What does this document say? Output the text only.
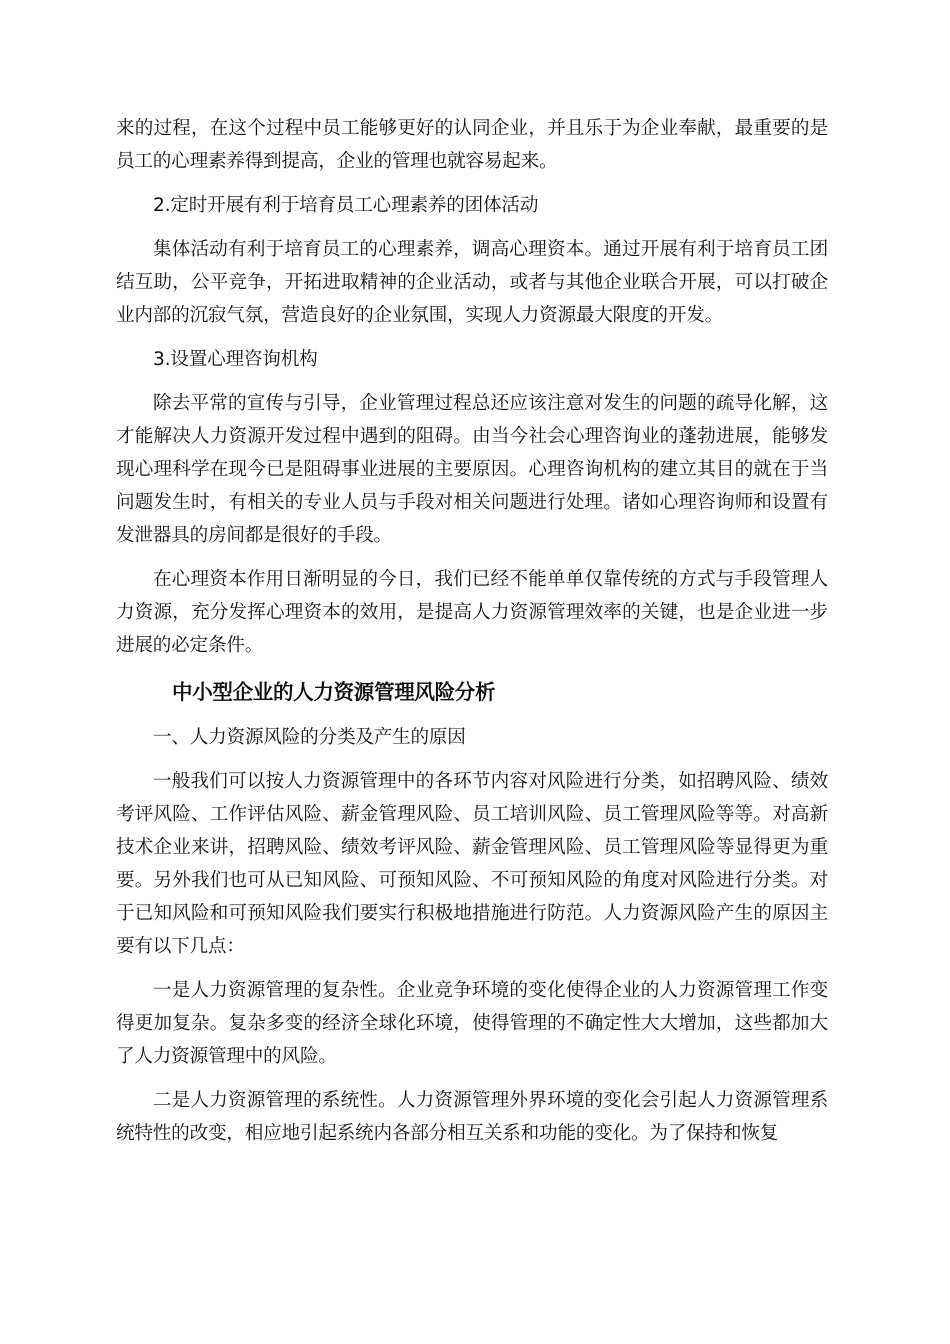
来的过程，在这个过程中员工能够更好的认同企业，并且乐于为企业奉献，最重要的是员工的心理素养得到提高，企业的管理也就容易起来。

2.定时开展有利于培育员工心理素养的团体活动

集体活动有利于培育员工的心理素养，调高心理资本。通过开展有利于培育员工团结互助，公平竞争，开拓进取精神的企业活动，或者与其他企业联合开展，可以打破企业内部的沉寂气氛，营造良好的企业氛围，实现人力资源最大限度的开发。

3.设置心理咨询机构

除去平常的宣传与引导，企业管理过程总还应该注意对发生的问题的疏导化解，这才能解决人力资源开发过程中遇到的阻碍。由当今社会心理咨询业的蓬勃进展，能够发现心理科学在现今已是阻碍事业进展的主要原因。心理咨询机构的建立其目的就在于当问题发生时，有相关的专业人员与手段对相关问题进行处理。诸如心理咨询师和设置有发泄器具的房间都是很好的手段。

在心理资本作用日渐明显的今日，我们已经不能单单仅靠传统的方式与手段管理人力资源，充分发挥心理资本的效用，是提高人力资源管理效率的关键，也是企业进一步进展的必定条件。

中小型企业的人力资源管理风险分析

一、人力资源风险的分类及产生的原因

一般我们可以按人力资源管理中的各环节内容对风险进行分类，如招聘风险、绩效考评风险、工作评估风险、薪金管理风险、员工培训风险、员工管理风险等等。对高新技术企业来讲，招聘风险、绩效考评风险、薪金管理风险、员工管理风险等显得更为重要。另外我们也可从已知风险、可预知风险、不可预知风险的角度对风险进行分类。对于已知风险和可预知风险我们要实行积极地措施进行防范。人力资源风险产生的原因主要有以下几点：

一是人力资源管理的复杂性。企业竞争环境的变化使得企业的人力资源管理工作变得更加复杂。复杂多变的经济全球化环境，使得管理的不确定性大大增加，这些都加大了人力资源管理中的风险。

二是人力资源管理的系统性。人力资源管理外界环境的变化会引起人力资源管理系统特性的改变，相应地引起系统内各部分相互关系和功能的变化。为了保持和恢复
